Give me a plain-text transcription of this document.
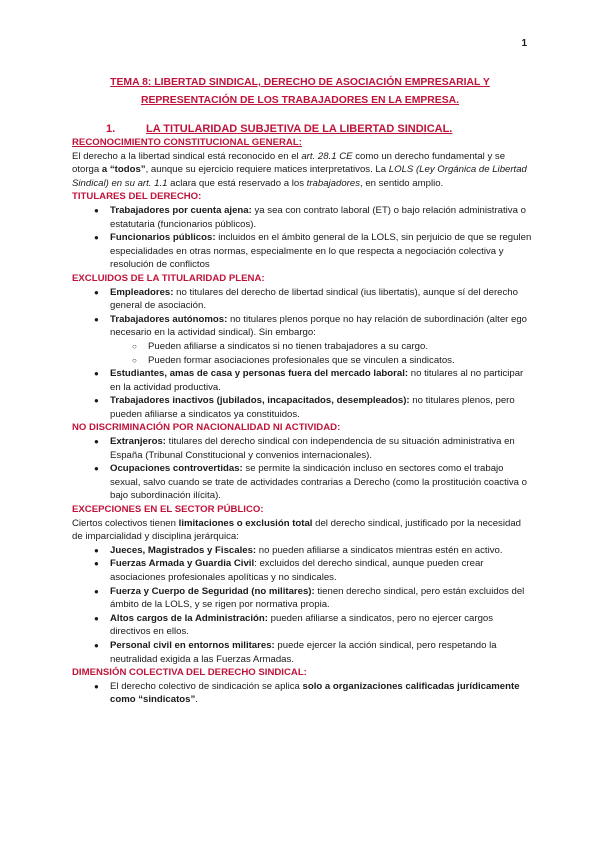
1
TEMA 8: LIBERTAD SINDICAL, DERECHO DE ASOCIACIÓN EMPRESARIAL Y
REPRESENTACIÓN DE LOS TRABAJADORES EN LA EMPRESA.
1.	LA TITULARIDAD SUBJETIVA DE LA LIBERTAD SINDICAL.
RECONOCIMIENTO CONSTITUCIONAL GENERAL:

El derecho a la libertad sindical está reconocido en el art. 28.1 CE como un derecho fundamental y se otorga a “todos”, aunque su ejercicio requiere matices interpretativos. La LOLS (Ley Orgánica de Libertad Sindical) en su art. 1.1 aclara que está reservado a los trabajadores, en sentido amplio.

TITULARES DEL DERECHO:
● Trabajadores por cuenta ajena: ya sea con contrato laboral (ET) o bajo relación administrativa o estatutaria (funcionarios públicos).
● Funcionarios públicos: incluidos en el ámbito general de la LOLS, sin perjuicio de que se regulen especialidades en otras normas, especialmente en lo que respecta a negociación colectiva y resolución de conflictos
EXCLUIDOS DE LA TITULARIDAD PLENA:
● Empleadores: no titulares del derecho de libertad sindical (ius libertatis), aunque sí del derecho general de asociación.
● Trabajadores autónomos: no titulares plenos porque no hay relación de subordinación (alter ego necesario en la actividad sindical). Sin embargo:
○ Pueden afiliarse a sindicatos si no tienen trabajadores a su cargo.
○ Pueden formar asociaciones profesionales que se vinculen a sindicatos.
● Estudiantes, amas de casa y personas fuera del mercado laboral: no titulares al no participar en la actividad productiva.
● Trabajadores inactivos (jubilados, incapacitados, desempleados): no titulares plenos, pero pueden afiliarse a sindicatos ya constituidos.
NO DISCRIMINACIÓN POR NACIONALIDAD NI ACTIVIDAD:
● Extranjeros: titulares del derecho sindical con independencia de su situación administrativa en España (Tribunal Constitucional y convenios internacionales).
● Ocupaciones controvertidas: se permite la sindicación incluso en sectores como el trabajo sexual, salvo cuando se trate de actividades contrarias a Derecho (como la prostitución coactiva o bajo subordinación ilícita).
EXCEPCIONES EN EL SECTOR PÚBLICO:

Ciertos colectivos tienen limitaciones o exclusión total del derecho sindical, justificado por la necesidad de imparcialidad y disciplina jerárquica:

● Jueces, Magistrados y Fiscales: no pueden afiliarse a sindicatos mientras estén en activo.
● Fuerzas Armada y Guardia Civil: excluidos del derecho sindical, aunque pueden crear asociaciones profesionales apolíticas y no sindicales.
● Fuerza y Cuerpo de Seguridad (no militares): tienen derecho sindical, pero están excluidos del ámbito de la LOLS, y se rigen por normativa propia.
● Altos cargos de la Administración: pueden afiliarse a sindicatos, pero no ejercer cargos directivos en ellos.
● Personal civil en entornos militares: puede ejercer la acción sindical, pero respetando la neutralidad exigida a las Fuerzas Armadas.
DIMENSIÓN COLECTIVA DEL DERECHO SINDICAL:
● El derecho colectivo de sindicación se aplica solo a organizaciones calificadas jurídicamente como “sindicatos”.
